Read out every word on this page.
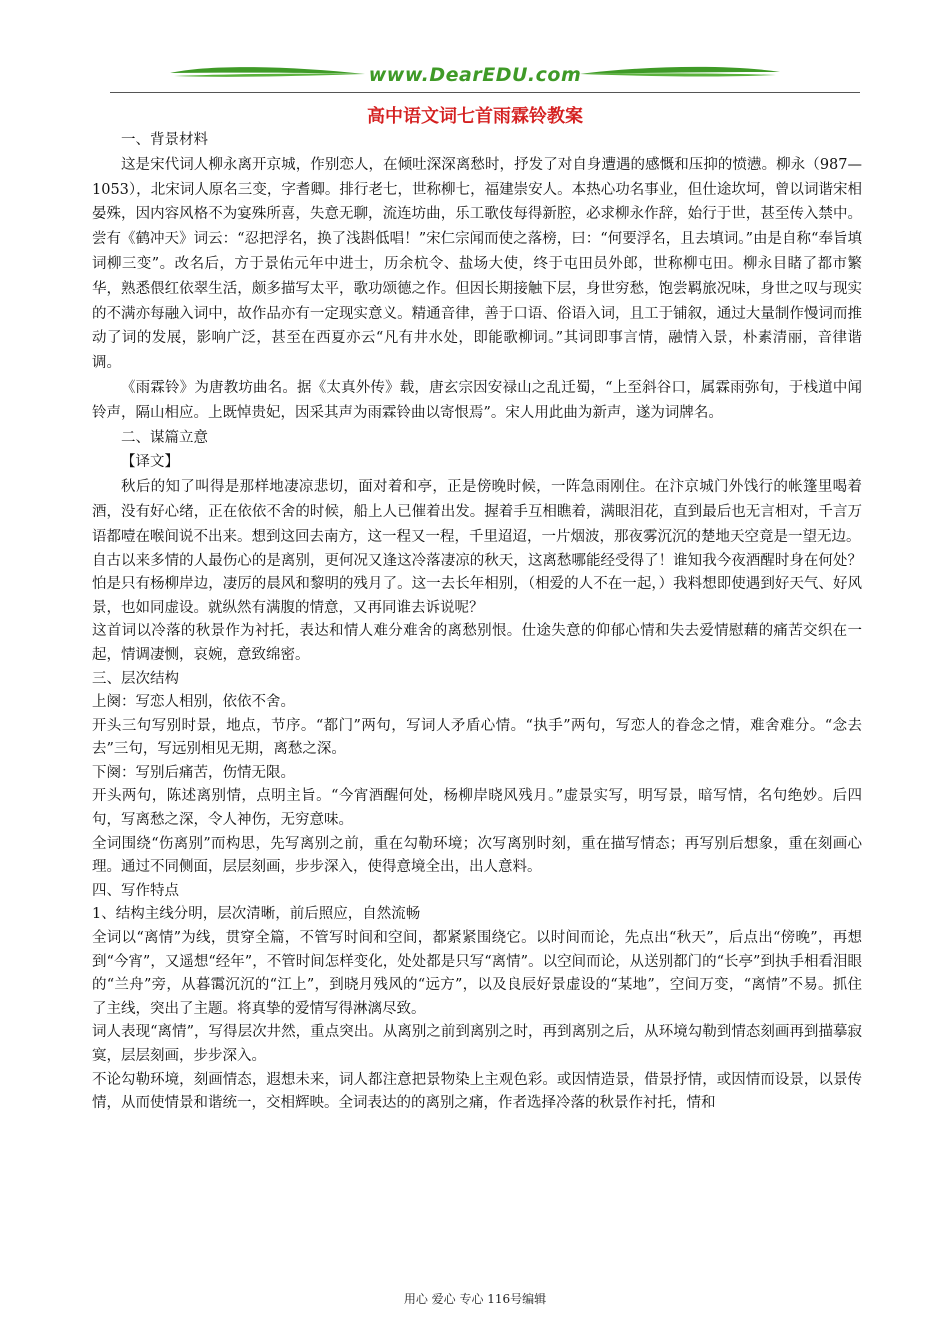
www.DearEDU.com
高中语文词七首雨霖铃教案

一、背景材料

这是宋代词人柳永离开京城，作别恋人，在倾吐深深离愁时，抒发了对自身遭遇的感慨和压抑的愤懑。柳永（987—1053），北宋词人原名三变，字耆卿。排行老七，世称柳七，福建崇安人。本热心功名事业，但仕途坎坷，曾以词谐宋相晏殊，因内容风格不为宴殊所喜，失意无聊，流连坊曲，乐工歌伎每得新腔，必求柳永作辞，始行于世，甚至传入禁中。尝有《鹤冲天》词云：“忍把浮名，换了浅斟低唱！”宋仁宗闻而使之落榜，曰：“何要浮名，且去填词。”由是自称“奉旨填词柳三变”。改名后，方于景佑元年中进士，历余杭令、盐场大使，终于屯田员外郎，世称柳屯田。柳永目睹了都市繁华，熟悉偎红依翠生活，颇多描写太平，歌功颂德之作。但因长期接触下层，身世穷愁，饱尝羁旅况味，身世之叹与现实的不满亦每融入词中，故作品亦有一定现实意义。精通音律，善于口语、俗语入词，且工于铺叙，通过大量制作慢词而推动了词的发展，影响广泛，甚至在西夏亦云“凡有井水处，即能歌柳词。”其词即事言情，融情入景，朴素清丽，音律谐调。

《雨霖铃》为唐教坊曲名。据《太真外传》载，唐玄宗因安禄山之乱迁蜀，“上至斜谷口，属霖雨弥旬，于栈道中闻铃声，隔山相应。上既悼贵妃，因采其声为雨霖铃曲以寄恨焉”。宋人用此曲为新声，遂为词牌名。

二、谋篇立意

【译文】

秋后的知了叫得是那样地凄凉悲切，面对着和亭，正是傍晚时候，一阵急雨刚住。在汴京城门外饯行的帐篷里喝着酒，没有好心绪，正在依依不舍的时候，船上人已催着出发。握着手互相瞧着，满眼泪花，直到最后也无言相对，千言万语都噎在喉间说不出来。想到这回去南方，这一程又一程，千里迢迢，一片烟波，那夜雾沉沉的楚地天空竟是一望无边。

自古以来多情的人最伤心的是离别，更何况又逢这冷落凄凉的秋天，这离愁哪能经受得了！谁知我今夜酒醒时身在何处？怕是只有杨柳岸边，凄厉的晨风和黎明的残月了。这一去长年相别，（相爱的人不在一起，）我料想即使遇到好天气、好风景，也如同虚设。就纵然有满腹的情意，又再同谁去诉说呢？

这首词以冷落的秋景作为衬托，表达和情人难分难舍的离愁别恨。仕途失意的仰郁心情和失去爱情慰藉的痛苦交织在一起，情调凄恻，哀婉，意致绵密。

三、层次结构

上阕：写恋人相别，依依不舍。

开头三句写别时景，地点，节序。“都门”两句，写词人矛盾心情。“执手”两句，写恋人的眷念之情，难舍难分。“念去去”三句，写远别相见无期，离愁之深。

下阕：写别后痛苦，伤情无限。

开头两句，陈述离别情，点明主旨。“今宵酒醒何处，杨柳岸晓风残月。”虚景实写，明写景，暗写情，名句绝妙。后四句，写离愁之深，令人神伤，无穷意味。

全词围绕“伤离别”而构思，先写离别之前，重在勾勒环境；次写离别时刻，重在描写情态；再写别后想象，重在刻画心理。通过不同侧面，层层刻画，步步深入，使得意境全出，出人意料。

四、写作特点

1、结构主线分明，层次清晰，前后照应，自然流畅

全词以“离情”为线，贯穿全篇，不管写时间和空间，都紧紧围绕它。以时间而论，先点出“秋天”，后点出“傍晚”，再想到“今宵”，又遥想“经年”，不管时间怎样变化，处处都是只写“离情”。以空间而论，从送别都门的“长亭”到执手相看泪眼的“兰舟”旁，从暮霭沉沉的“江上”，到晓月残风的“远方”，以及良辰好景虚设的“某地”，空间万变，“离情”不易。抓住了主线，突出了主题。将真挚的爱情写得淋漓尽致。

词人表现“离情”，写得层次井然，重点突出。从离别之前到离别之时，再到离别之后，从环境勾勒到情态刻画再到描摹寂寞，层层刻画，步步深入。

不论勾勒环境，刻画情态，遐想未来，词人都注意把景物染上主观色彩。或因情造景，借景抒情，或因情而设景，以景传情，从而使情景和谐统一，交相辉映。全词表达的的离别之痛，作者选择冷落的秋景作衬托，情和

用心 爱心 专心 116号编辑
